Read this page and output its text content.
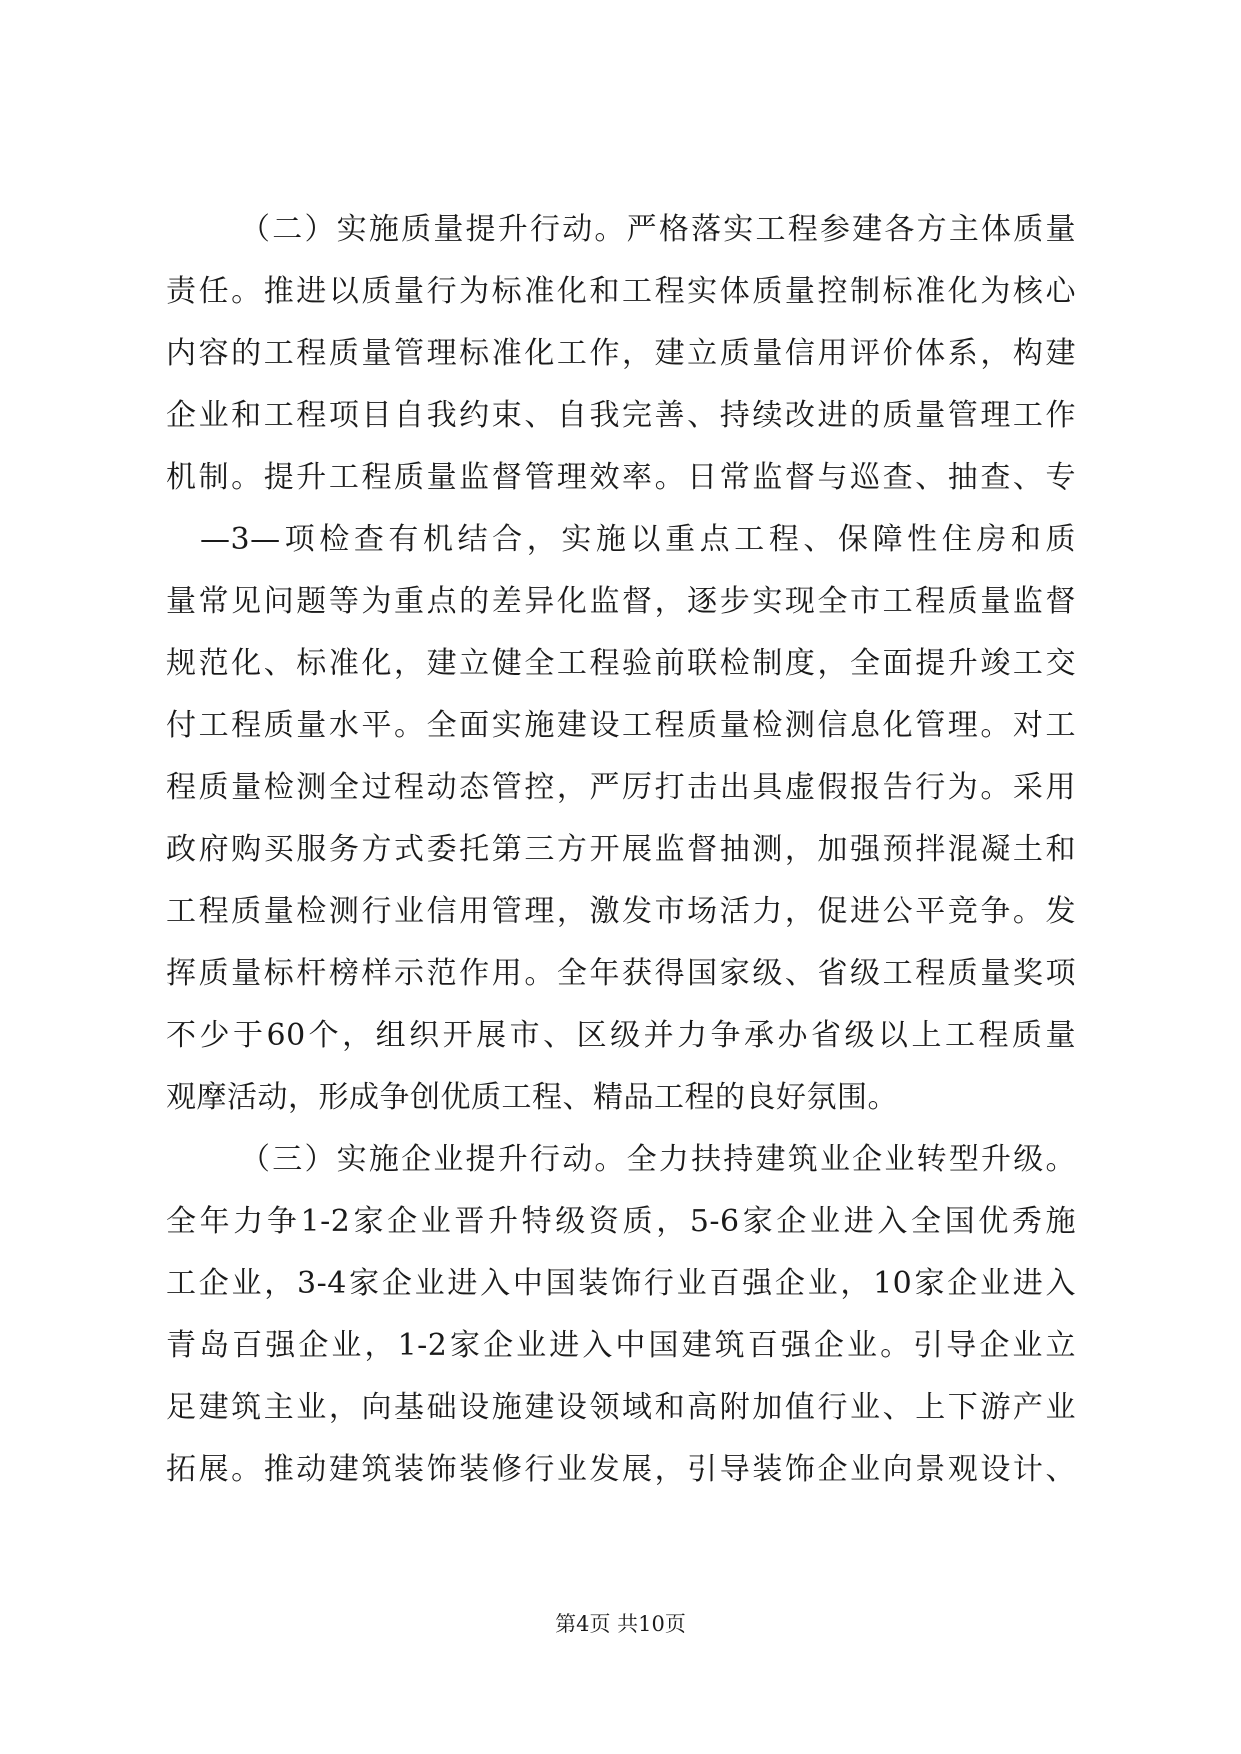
（二）实施质量提升行动。严格落实工程参建各方主体质量
责任。推进以质量行为标准化和工程实体质量控制标准化为核心
内容的工程质量管理标准化工作，建立质量信用评价体系，构建
企业和工程项目自我约束、自我完善、持续改进的质量管理工作
机制。提升工程质量监督管理效率。日常监督与巡查、抽查、专
—3—项检查有机结合，实施以重点工程、保障性住房和质
量常见问题等为重点的差异化监督，逐步实现全市工程质量监督
规范化、标准化，建立健全工程验前联检制度，全面提升竣工交
付工程质量水平。全面实施建设工程质量检测信息化管理。对工
程质量检测全过程动态管控，严厉打击出具虚假报告行为。采用
政府购买服务方式委托第三方开展监督抽测，加强预拌混凝土和
工程质量检测行业信用管理，激发市场活力，促进公平竞争。发
挥质量标杆榜样示范作用。全年获得国家级、省级工程质量奖项
不少于60个，组织开展市、区级并力争承办省级以上工程质量
观摩活动，形成争创优质工程、精品工程的良好氛围。
（三）实施企业提升行动。全力扶持建筑业企业转型升级。
全年力争1-2家企业晋升特级资质，5-6家企业进入全国优秀施
工企业，3-4家企业进入中国装饰行业百强企业，10家企业进入
青岛百强企业，1-2家企业进入中国建筑百强企业。引导企业立
足建筑主业，向基础设施建设领域和高附加值行业、上下游产业
拓展。推动建筑装饰装修行业发展，引导装饰企业向景观设计、
第4页 共10页
